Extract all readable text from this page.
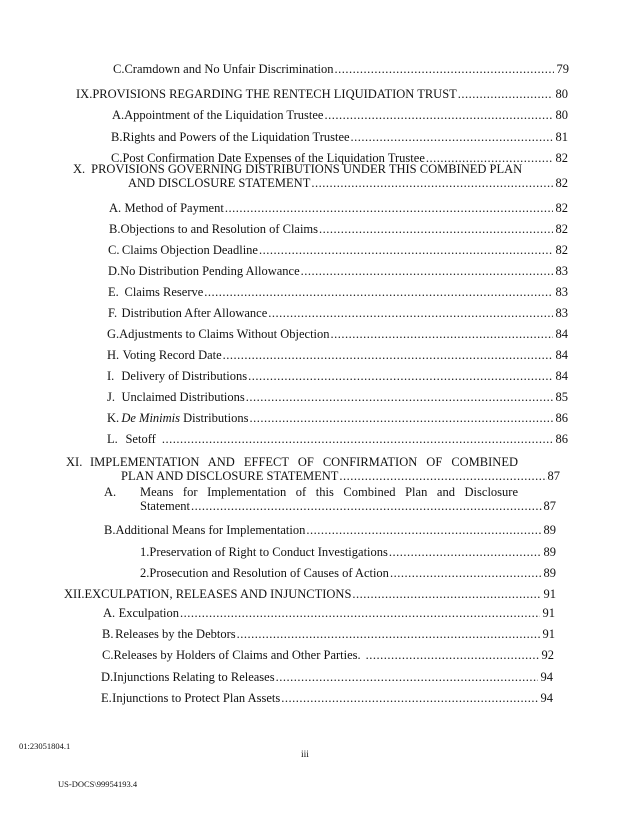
C. Cramdown and No Unfair Discrimination .....	79
IX. PROVISIONS REGARDING THE RENTECH LIQUIDATION TRUST .....	80
A. Appointment of the Liquidation Trustee .....	80
B. Rights and Powers of the Liquidation Trustee .....	81
C. Post Confirmation Date Expenses of the Liquidation Trustee .....	82
X. PROVISIONS GOVERNING DISTRIBUTIONS UNDER THIS COMBINED PLAN
AND DISCLOSURE STATEMENT .....	82
A. Method of Payment .....	82
B. Objections to and Resolution of Claims .....	82
C. Claims Objection Deadline .....	82
D. No Distribution Pending Allowance .....	83
E. Claims Reserve .....	83
F. Distribution After Allowance .....	83
G. Adjustments to Claims Without Objection .....	84
H. Voting Record Date .....	84
I. Delivery of Distributions .....	84
J. Unclaimed Distributions .....	85
K. De Minimis Distributions .....	86
L. Setoff .....	86
XI. IMPLEMENTATION AND EFFECT OF CONFIRMATION OF COMBINED
PLAN AND DISCLOSURE STATEMENT .....	87
A.	Means for Implementation of this Combined Plan and Disclosure
Statement .....	87
B. Additional Means for Implementation .....	89
1. Preservation of Right to Conduct Investigations .....	89
2. Prosecution and Resolution of Causes of Action .....	89
XII. EXCULPATION, RELEASES AND INJUNCTIONS .....	91
A. Exculpation .....	91
B. Releases by the Debtors .....	91
C. Releases by Holders of Claims and Other Parties. .....	92
D. Injunctions Relating to Releases .....	94
E. Injunctions to Protect Plan Assets .....	94
01:23051804.1
iii
US-DOCS\99954193.4
